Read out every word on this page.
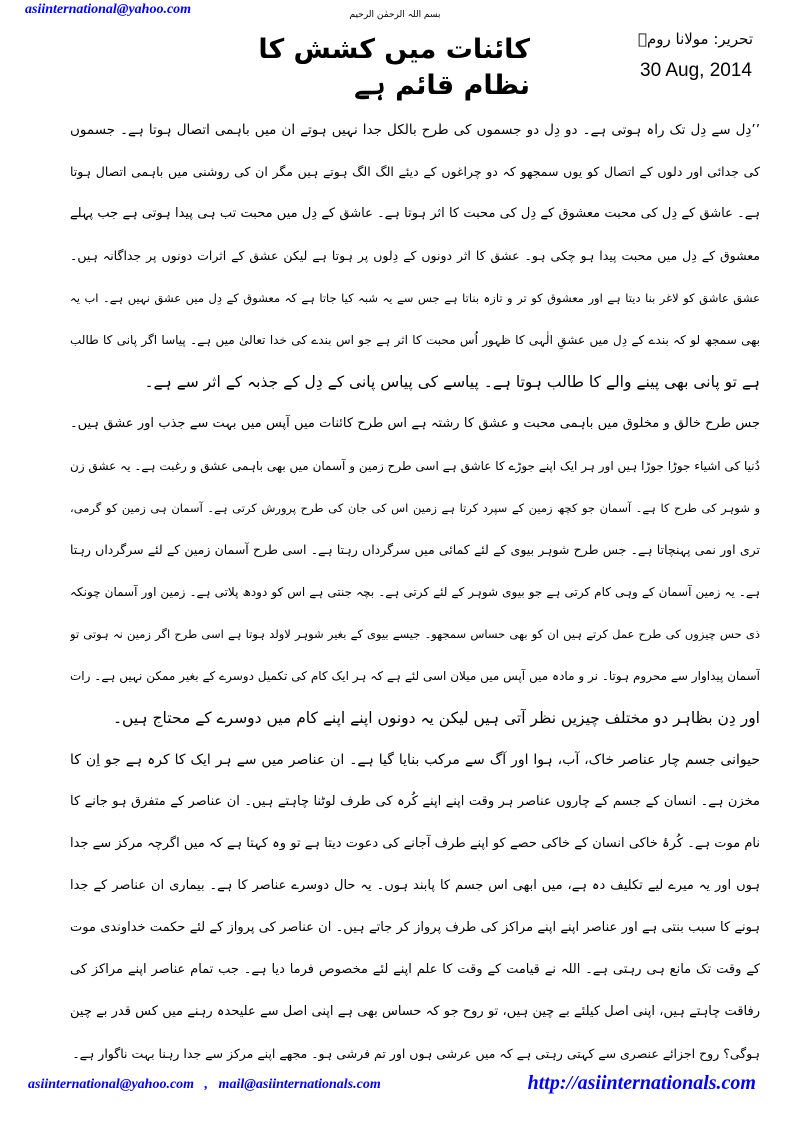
asiinternational@yahoo.com	بسم اللہ الرحمٰن الرحیم
تحریر: مولانا رومؒ
30 Aug, 2014
کائنات میں کشش کا نظام قائم ہے
’’دِل سے دِل تک راہ ہوتی ہے۔ دو دِل دو جسموں کی طرح بالکل جدا نہیں ہوتے ان میں باہمی اتصال ہوتا ہے۔ جسموں
کی جدائی اور دلوں کے اتصال کو یوں سمجھو کہ دو چراغوں کے دیئے الگ الگ ہوتے ہیں مگر ان کی روشنی میں باہمی اتصال ہوتا
ہے۔ عاشق کے دِل کی محبت معشوق کے دِل کی محبت کا اثر ہوتا ہے۔ عاشق کے دِل میں محبت تب ہی پیدا ہوتی ہے جب پہلے
معشوق کے دِل میں محبت پیدا ہو چکی ہو۔ عشق کا اثر دونوں کے دِلوں پر ہوتا ہے لیکن عشق کے اثرات دونوں پر جداگانہ ہیں۔
عشق عاشق کو لاغر بنا دیتا ہے اور معشوق کو تر و تازہ بناتا ہے جس سے یہ شبہ کیا جاتا ہے کہ معشوق کے دِل میں عشق نہیں ہے۔ اب یہ
بھی سمجھ لو کہ بندے کے دِل میں عشقِ الٰہی کا ظہور اُس محبت کا اثر ہے جو اس بندے کی خدا تعالیٰ میں ہے۔ پیاسا اگر پانی کا طالب
ہے تو پانی بھی پینے والے کا طالب ہوتا ہے۔ پیاسے کی پیاس پانی کے دِل کے جذبہ کے اثر سے ہے۔
جس طرح خالق و مخلوق میں باہمی محبت و عشق کا رشتہ ہے اس طرح کائنات میں آپس میں بہت سے جذب اور عشق ہیں۔
دُنیا کی اشیاء جوڑا جوڑا ہیں اور ہر ایک اپنے جوڑے کا عاشق ہے اسی طرح زمین و آسمان میں بھی باہمی عشق و رغبت ہے۔ یہ عشق زن
و شوہر کی طرح کا ہے۔ آسمان جو کچھ زمین کے سپرد کرتا ہے زمین اس کی جان کی طرح پرورش کرتی ہے۔ آسمان ہی زمین کو گرمی،
تری اور نمی پہنچاتا ہے۔ جس طرح شوہر بیوی کے لئے کمائی میں سرگرداں رہتا ہے۔ اسی طرح آسمان زمین کے لئے سرگرداں رہتا
ہے۔ یہ زمین آسمان کے وہی کام کرتی ہے جو بیوی شوہر کے لئے کرتی ہے۔ بچہ جنتی ہے اس کو دودھ پلاتی ہے۔ زمین اور آسمان چونکہ
ذی حس چیزوں کی طرح عمل کرتے ہیں ان کو بھی حساس سمجھو۔ جیسے بیوی کے بغیر شوہر لاولد ہوتا ہے اسی طرح اگر زمین نہ ہوتی تو
آسمان پیداوار سے محروم ہوتا۔ نر و مادہ میں آپس میں میلان اسی لئے ہے کہ ہر ایک کام کی تکمیل دوسرے کے بغیر ممکن نہیں ہے۔ رات
اور دِن بظاہر دو مختلف چیزیں نظر آتی ہیں لیکن یہ دونوں اپنے اپنے کام میں دوسرے کے محتاج ہیں۔
حیوانی جسم چار عناصر خاک، آب، ہوا اور آگ سے مرکب بنایا گیا ہے۔ ان عناصر میں سے ہر ایک کا کرہ ہے جو اِن کا
مخزن ہے۔ انسان کے جسم کے چاروں عناصر ہر وقت اپنے اپنے کُرہ کی طرف لوٹنا چاہتے ہیں۔ ان عناصر کے متفرق ہو جانے کا
نام موت ہے۔ کُرۂ خاکی انسان کے خاکی حصے کو اپنے طرف آجانے کی دعوت دیتا ہے تو وہ کہتا ہے کہ میں اگرچہ مرکز سے جدا
ہوں اور یہ میرے لیے تکلیف دہ ہے، میں ابھی اس جسم کا پابند ہوں۔ یہ حال دوسرے عناصر کا ہے۔ بیماری ان عناصر کے جدا
ہونے کا سبب بنتی ہے اور عناصر اپنے اپنے مراکز کی طرف پرواز کر جاتے ہیں۔ ان عناصر کی پرواز کے لئے حکمت خداوندی موت
کے وقت تک مانع ہی رہتی ہے۔ اللہ نے قیامت کے وقت کا علم اپنے لئے مخصوص فرما دیا ہے۔ جب تمام عناصر اپنے مراکز کی
رفاقت چاہتے ہیں، اپنی اصل کیلئے بے چین ہیں، تو روح جو کہ حساس بھی ہے اپنی اصل سے علیحدہ رہنے میں کس قدر بے چین
ہوگی؟ روح اجزائے عنصری سے کہتی رہتی ہے کہ میں عرشی ہوں اور تم فرشی ہو۔ مجھے اپنے مرکز سے جدا رہنا بہت ناگوار ہے۔
asiinternational@yahoo.com   ,   mail@asiinternationals.com	http://asiinternationals.com
